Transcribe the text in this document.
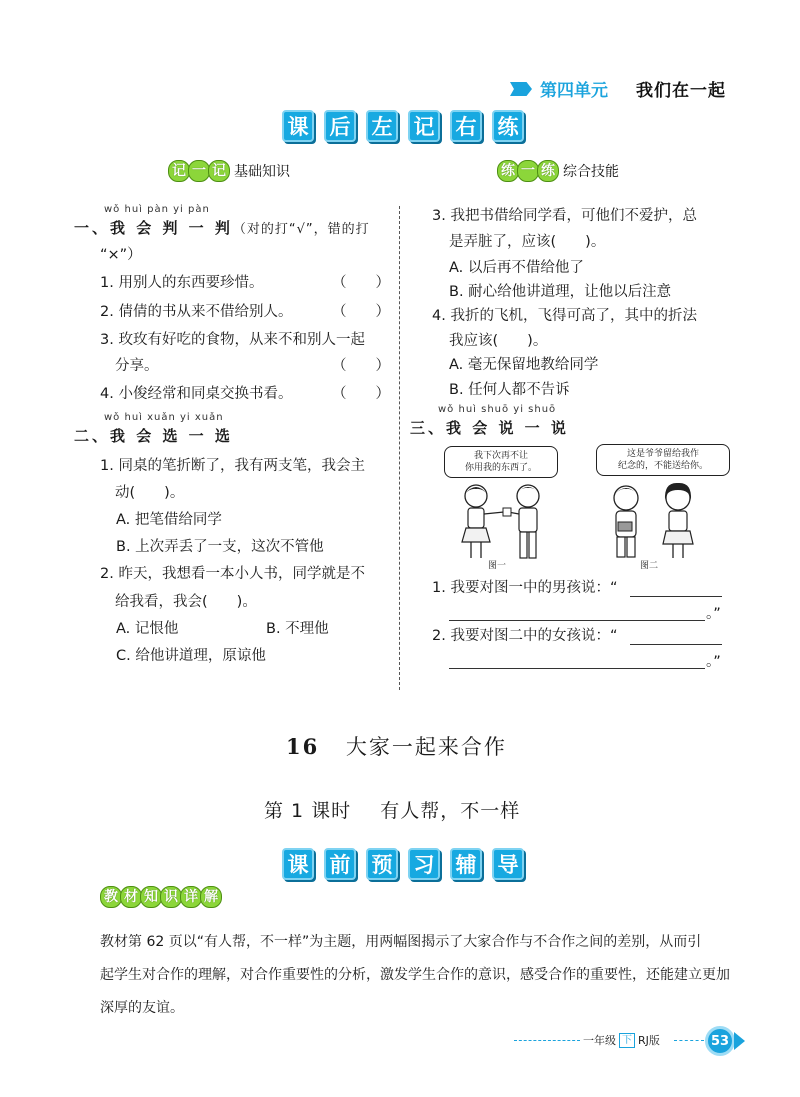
第四单元 我们在一起
课 后 左 记 右 练
记 一 记 基础知识	练 一 练 综合技能
wǒ huì pàn yi pàn
一、我 会 判 一 判（对的打“√”，错的打
“×”）
1. 用别人的东西要珍惜。	（　　）
2. 倩倩的书从来不借给别人。	（　　）
3. 玫玫有好吃的食物，从来不和别人一起
分享。	（　　）
4. 小俊经常和同桌交换书看。	（　　）
wǒ huì xuǎn yi xuǎn
二、我 会 选 一 选
1. 同桌的笔折断了，我有两支笔，我会主
动(　　)。
A. 把笔借给同学
B. 上次弄丢了一支，这次不管他
2. 昨天，我想看一本小人书，同学就是不
给我看，我会(　　)。
A. 记恨他	B. 不理他
C. 给他讲道理，原谅他
3. 我把书借给同学看，可他们不爱护，总
是弄脏了，应该(　　)。
A. 以后再不借给他了
B. 耐心给他讲道理，让他以后注意
4. 我折的飞机，飞得可高了，其中的折法
我应该(　　)。
A. 毫无保留地教给同学
B. 任何人都不告诉
wǒ huì shuō yi shuō
三、我 会 说 一 说
我下次再不让
你用我的东西了。
图一
这是爷爷留给我作
纪念的，不能送给你。
图二
1. 我要对图一中的男孩说：“
。”
2. 我要对图二中的女孩说：“
。”
16 大家一起来合作
第 1 课时 有人帮，不一样
课 前 预 习 辅 导
教 材 知 识 详 解
教材第 62 页以“有人帮，不一样”为主题，用两幅图揭示了大家合作与不合作之间的差别，从而引
起学生对合作的理解，对合作重要性的分析，激发学生合作的意识，感受合作的重要性，还能建立更加
深厚的友谊。
一年级 下 RJ版	53
